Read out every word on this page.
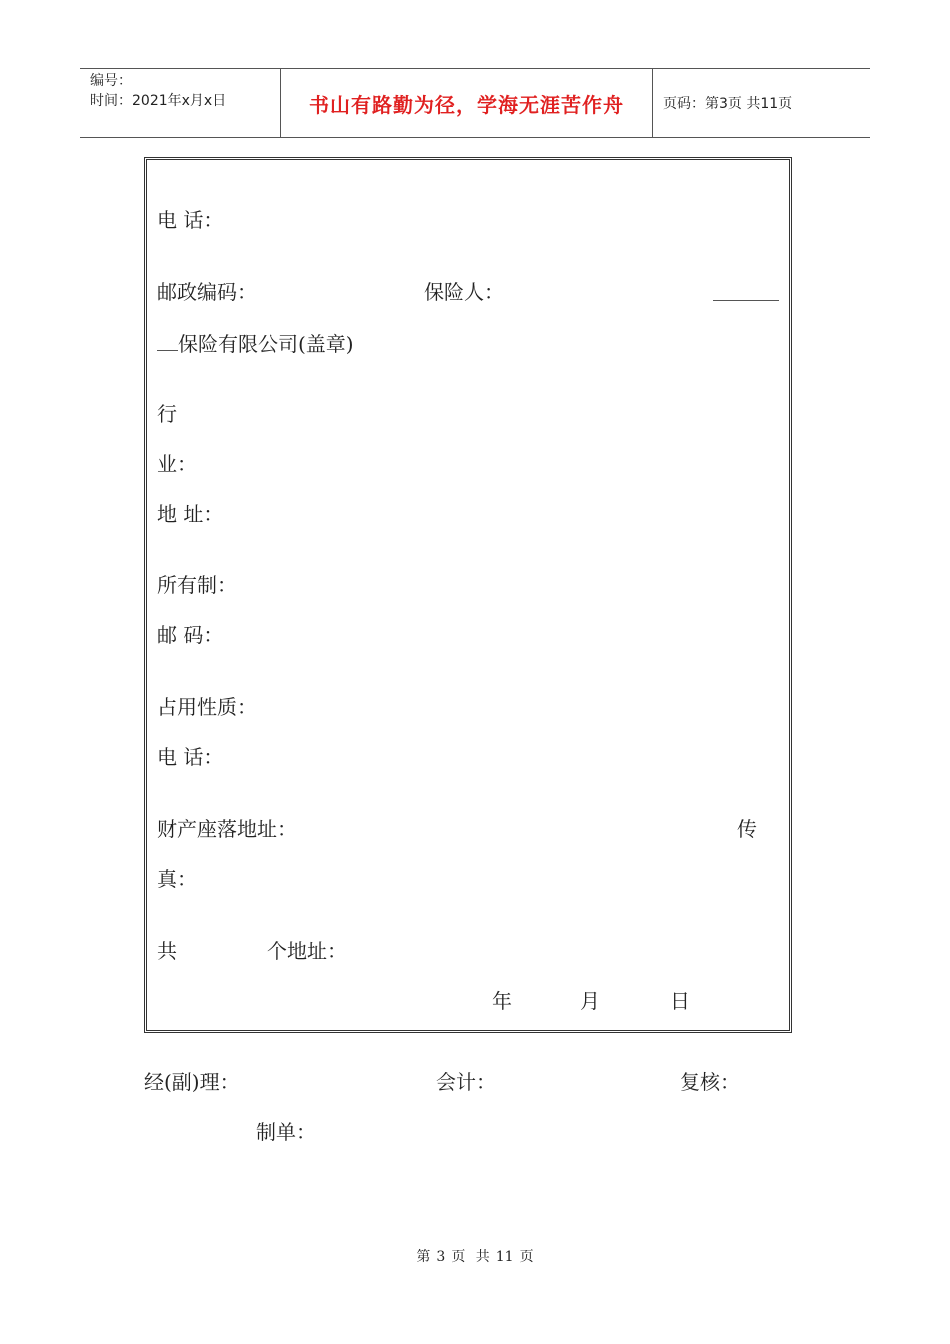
编号：
时间：2021年x月x日	书山有路勤为径，学海无涯苦作舟	页码：第3页 共11页
电 话：
邮政编码：	保险人：
保险有限公司(盖章)
行
业：
地 址：
所有制：
邮 码：
占用性质：
电 话：
财产座落地址：	传
真：
共	个地址：
年	月	日
经(副)理：	会计：	复核：
制单：
第 3 页 共 11 页
